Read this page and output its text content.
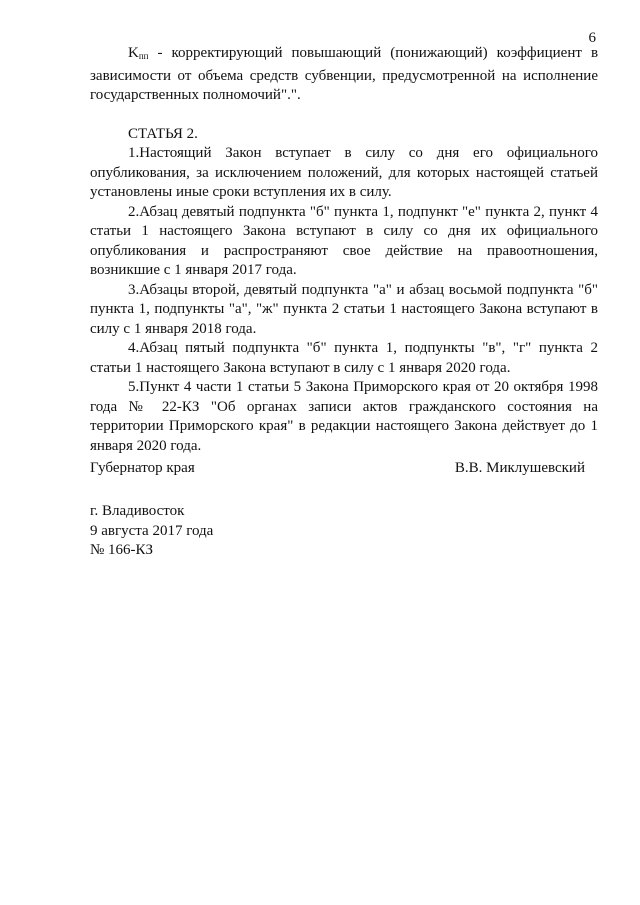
6

$K_{пп}$ - корректирующий повышающий (понижающий) коэффициент в зависимости от объема средств субвенции, предусмотренной на исполнение государственных полномочий".".

СТАТЬЯ 2.

1.Настоящий Закон вступает в силу со дня его официального опубликования, за исключением положений, для которых настоящей статьей установлены иные сроки вступления их в силу.

2.Абзац девятый подпункта "б" пункта 1, подпункт "е" пункта 2, пункт 4 статьи 1 настоящего Закона вступают в силу со дня их официального опубликования и распространяют свое действие на правоотношения, возникшие с 1 января 2017 года.

3.Абзацы второй, девятый подпункта "а" и абзац восьмой подпункта "б" пункта 1, подпункты "а", "ж" пункта 2 статьи 1 настоящего Закона вступают в силу с 1 января 2018 года.

4.Абзац пятый подпункта "б" пункта 1, подпункты "в", "г" пункта 2 статьи 1 настоящего Закона вступают в силу с 1 января 2020 года.

5.Пункт 4 части 1 статьи 5 Закона Приморского края от 20 октября 1998 года № 22-КЗ "Об органах записи актов гражданского состояния на территории Приморского края" в редакции настоящего Закона действует до 1 января 2020 года.

Губернатор края	В.В. Миклушевский
г. Владивосток
9 августа 2017 года
№ 166-КЗ
